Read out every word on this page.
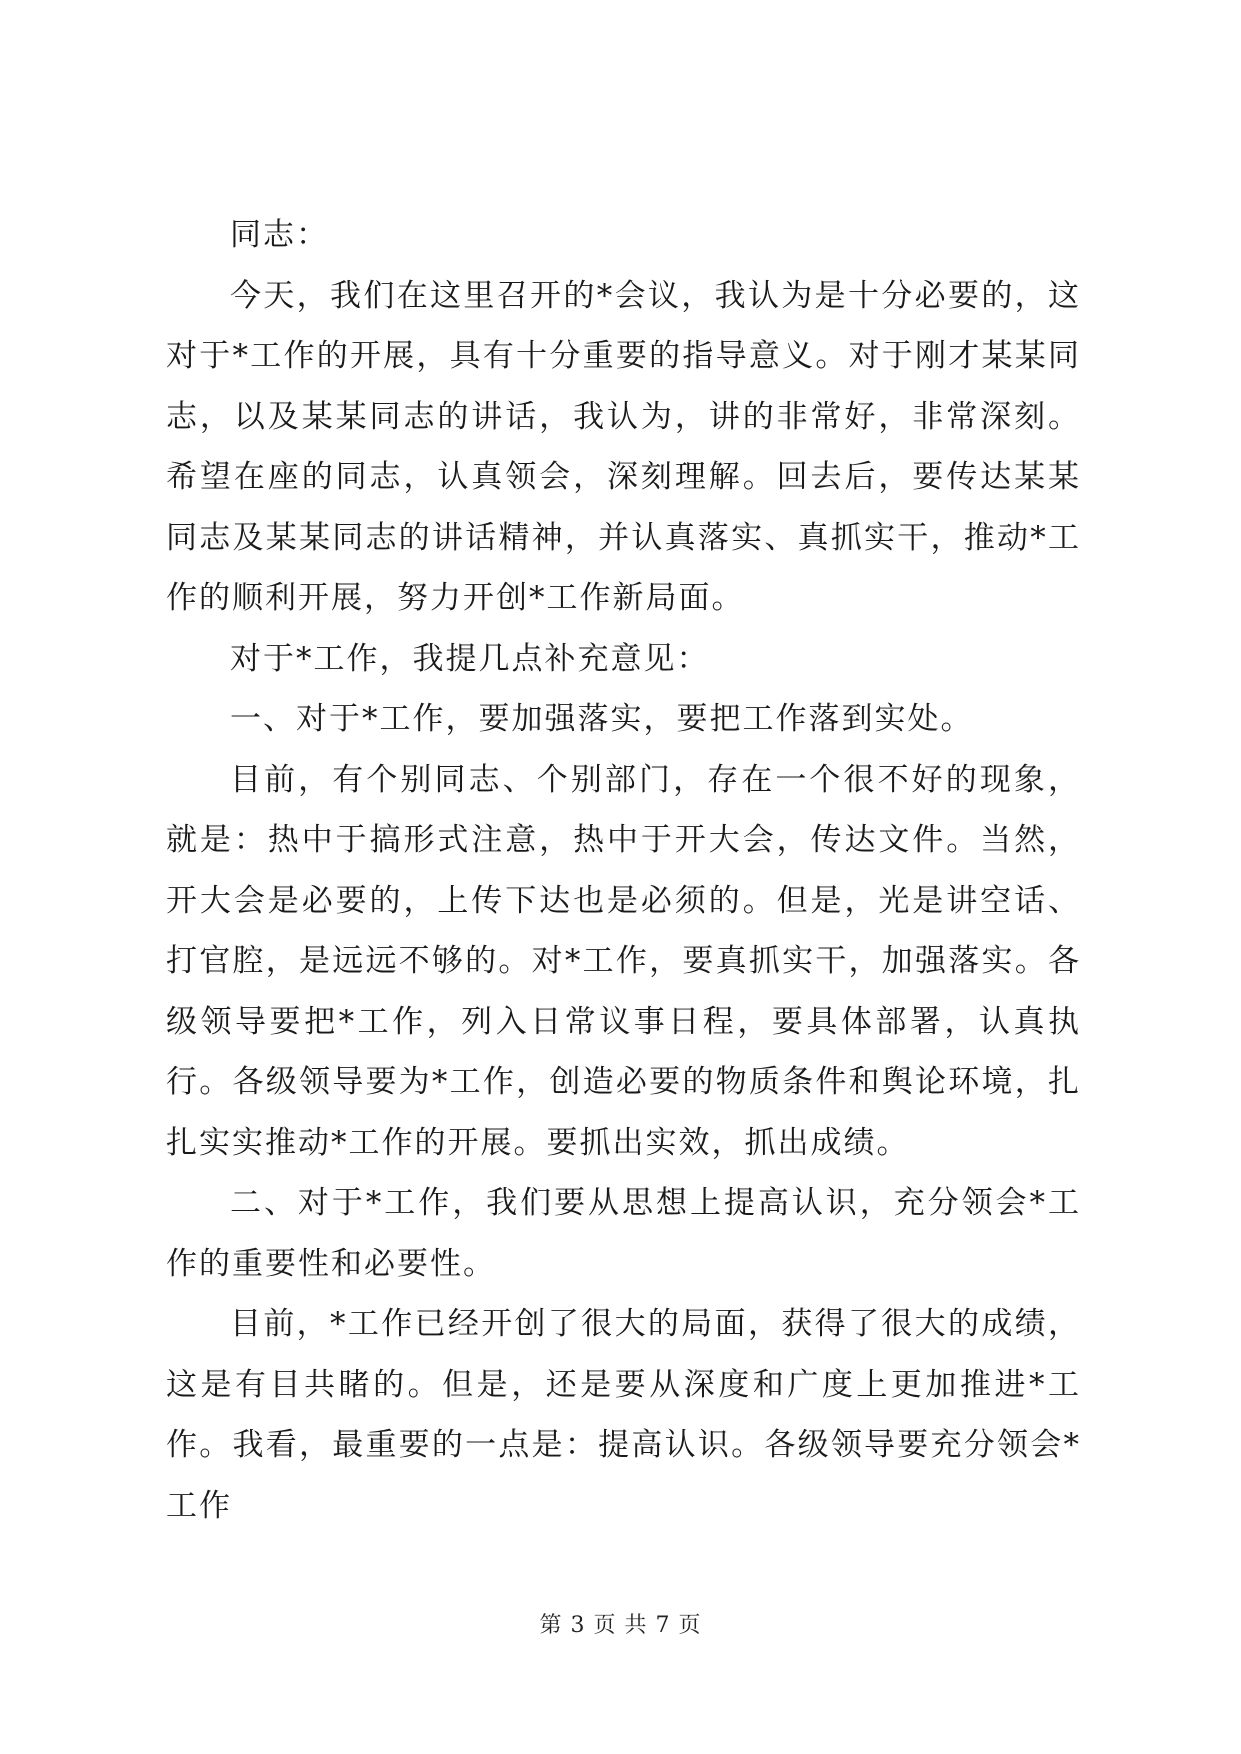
同志：

今天，我们在这里召开的*会议，我认为是十分必要的，这对于*工作的开展，具有十分重要的指导意义。对于刚才某某同志，以及某某同志的讲话，我认为，讲的非常好，非常深刻。希望在座的同志，认真领会，深刻理解。回去后，要传达某某同志及某某同志的讲话精神，并认真落实、真抓实干，推动*工作的顺利开展，努力开创*工作新局面。

对于*工作，我提几点补充意见：

一、对于*工作，要加强落实，要把工作落到实处。

目前，有个别同志、个别部门，存在一个很不好的现象，就是：热中于搞形式注意，热中于开大会，传达文件。当然，开大会是必要的，上传下达也是必须的。但是，光是讲空话、打官腔，是远远不够的。对*工作，要真抓实干，加强落实。各级领导要把*工作，列入日常议事日程，要具体部署，认真执行。各级领导要为*工作，创造必要的物质条件和舆论环境，扎扎实实推动*工作的开展。要抓出实效，抓出成绩。

二、对于*工作，我们要从思想上提高认识，充分领会*工作的重要性和必要性。

目前，*工作已经开创了很大的局面，获得了很大的成绩，这是有目共睹的。但是，还是要从深度和广度上更加推进*工作。我看，最重要的一点是：提高认识。各级领导要充分领会*工作

第 3 页 共 7 页
